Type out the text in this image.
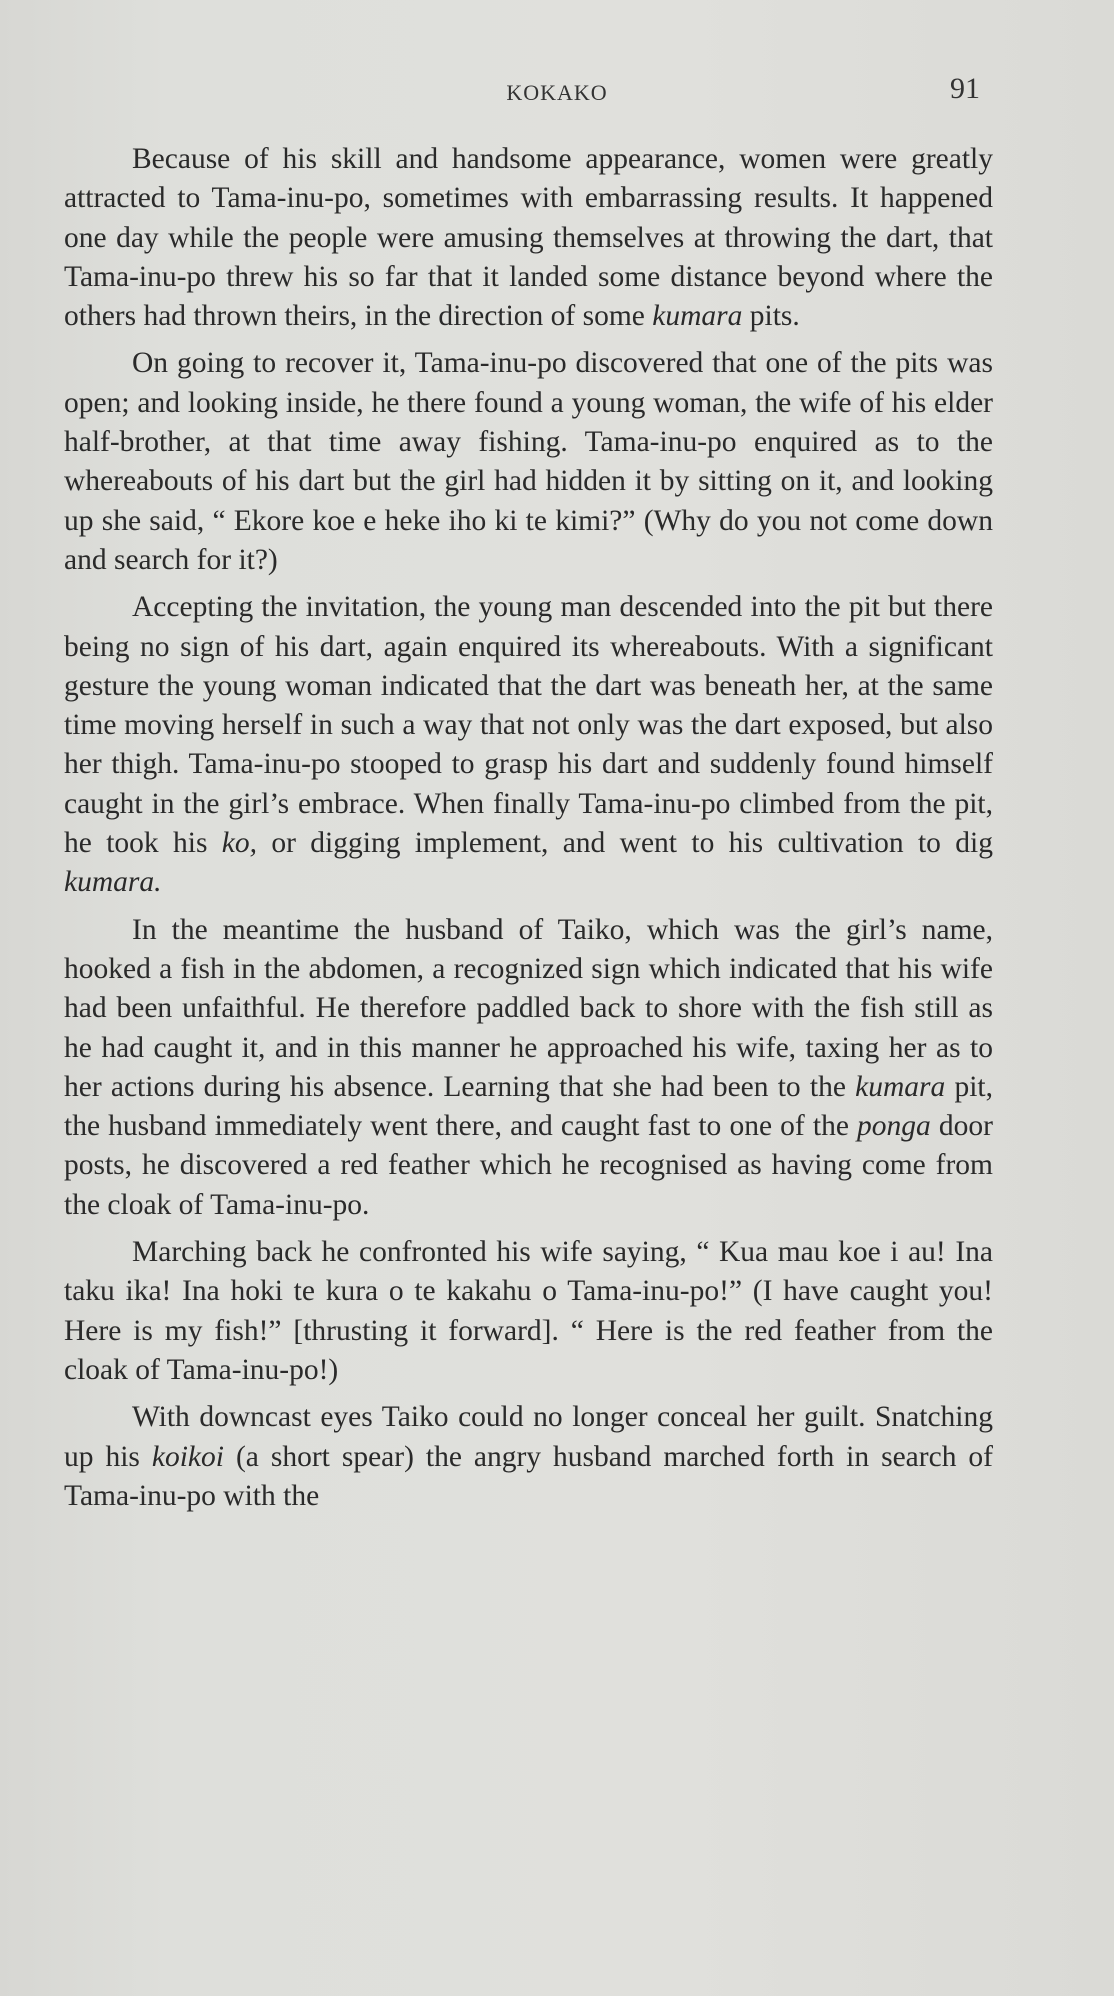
KOKAKO	91

Because of his skill and handsome appearance, women were greatly attracted to Tama-inu-po, sometimes with embarrassing results. It happened one day while the people were amusing themselves at throwing the dart, that Tama-inu-po threw his so far that it landed some distance beyond where the others had thrown theirs, in the direction of some kumara pits.

On going to recover it, Tama-inu-po discovered that one of the pits was open; and looking inside, he there found a young woman, the wife of his elder half-brother, at that time away fishing. Tama-inu-po enquired as to the whereabouts of his dart but the girl had hidden it by sitting on it, and looking up she said, “ Ekore koe e heke iho ki te kimi?” (Why do you not come down and search for it?)

Accepting the invitation, the young man descended into the pit but there being no sign of his dart, again enquired its whereabouts. With a significant gesture the young woman indicated that the dart was beneath her, at the same time moving herself in such a way that not only was the dart exposed, but also her thigh. Tama-inu-po stooped to grasp his dart and suddenly found himself caught in the girl’s embrace. When finally Tama-inu-po climbed from the pit, he took his ko, or digging implement, and went to his cultivation to dig kumara.

In the meantime the husband of Taiko, which was the girl’s name, hooked a fish in the abdomen, a recognized sign which indicated that his wife had been unfaithful. He therefore paddled back to shore with the fish still as he had caught it, and in this manner he approached his wife, taxing her as to her actions during his absence. Learning that she had been to the kumara pit, the husband immediately went there, and caught fast to one of the ponga door posts, he discovered a red feather which he recognised as having come from the cloak of Tama-inu-po.

Marching back he confronted his wife saying, “ Kua mau koe i au! Ina taku ika! Ina hoki te kura o te kakahu o Tama-inu-po!” (I have caught you! Here is my fish!” [thrusting it forward]. “ Here is the red feather from the cloak of Tama-inu-po!)

With downcast eyes Taiko could no longer conceal her guilt. Snatching up his koikoi (a short spear) the angry husband marched forth in search of Tama-inu-po with the
